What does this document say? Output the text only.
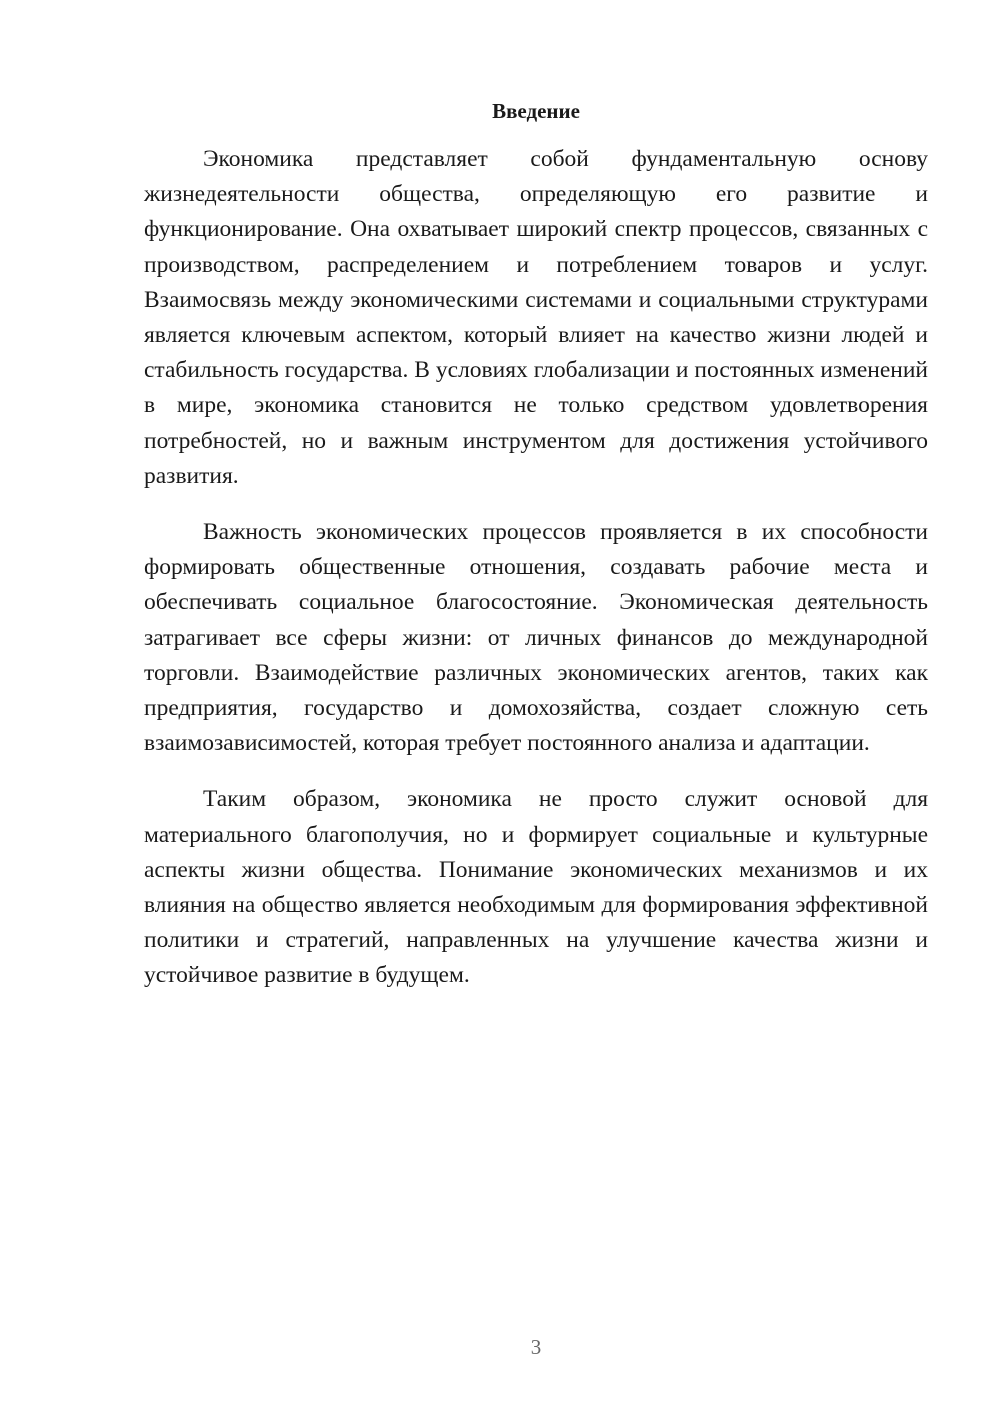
Введение

Экономика представляет собой фундаментальную основу жизнедеятельности общества, определяющую его развитие и функционирование. Она охватывает широкий спектр процессов, связанных с производством, распределением и потреблением товаров и услуг. Взаимосвязь между экономическими системами и социальными структурами является ключевым аспектом, который влияет на качество жизни людей и стабильность государства. В условиях глобализации и постоянных изменений в мире, экономика становится не только средством удовлетворения потребностей, но и важным инструментом для достижения устойчивого развития.

Важность экономических процессов проявляется в их способности формировать общественные отношения, создавать рабочие места и обеспечивать социальное благосостояние. Экономическая деятельность затрагивает все сферы жизни: от личных финансов до международной торговли. Взаимодействие различных экономических агентов, таких как предприятия, государство и домохозяйства, создает сложную сеть взаимозависимостей, которая требует постоянного анализа и адаптации.

Таким образом, экономика не просто служит основой для материального благополучия, но и формирует социальные и культурные аспекты жизни общества. Понимание экономических механизмов и их влияния на общество является необходимым для формирования эффективной политики и стратегий, направленных на улучшение качества жизни и устойчивое развитие в будущем.

3
